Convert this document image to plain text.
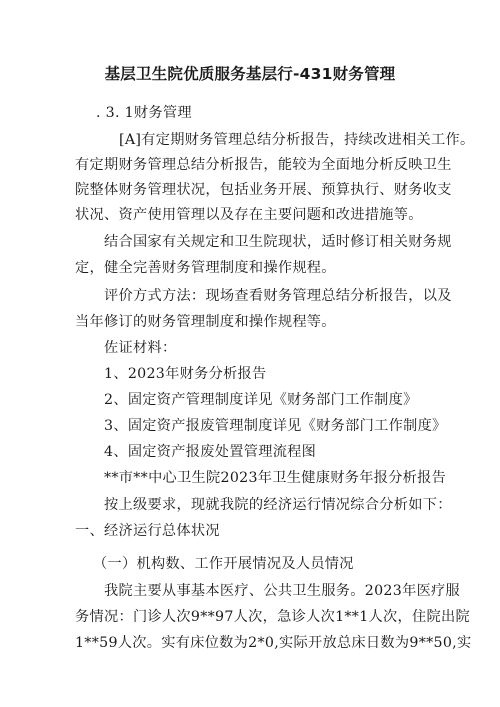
基层卫生院优质服务基层行-431财务管理
. 3. 1财务管理
[A]有定期财务管理总结分析报告，持续改进相关工作。
有定期财务管理总结分析报告，能较为全面地分析反映卫生
院整体财务管理状况，包括业务开展、预算执行、财务收支
状况、资产使用管理以及存在主要问题和改进措施等。
结合国家有关规定和卫生院现状，适时修订相关财务规
定，健全完善财务管理制度和操作规程。
评价方式方法：现场查看财务管理总结分析报告，以及
当年修订的财务管理制度和操作规程等。
佐证材料：
1、2023年财务分析报告
2、固定资产管理制度详见《财务部门工作制度》
3、固定资产报废管理制度详见《财务部门工作制度》
4、固定资产报废处置管理流程图
**市**中心卫生院2023年卫生健康财务年报分析报告
按上级要求，现就我院的经济运行情况综合分析如下：
一、经济运行总体状况
（一）机构数、工作开展情况及人员情况
我院主要从事基本医疗、公共卫生服务。2023年医疗服
务情况：门诊人次9**97人次，急诊人次1**1人次，住院出院
1**59人次。实有床位数为2*0,实际开放总床日数为9**50,实
